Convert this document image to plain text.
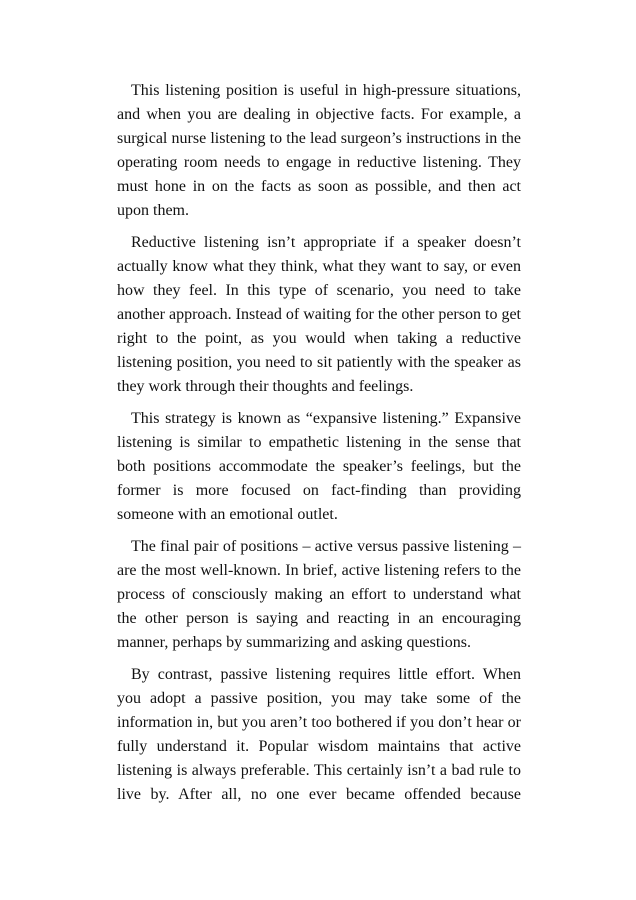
This listening position is useful in high-pressure situations,
and when you are dealing in objective facts. For example, a
surgical nurse listening to the lead surgeon’s instructions in the
operating room needs to engage in reductive listening. They
must hone in on the facts as soon as possible, and then act
upon them.
Reductive listening isn’t appropriate if a speaker doesn’t
actually know what they think, what they want to say, or even
how they feel. In this type of scenario, you need to take
another approach. Instead of waiting for the other person to get
right to the point, as you would when taking a reductive
listening position, you need to sit patiently with the speaker as
they work through their thoughts and feelings.
This strategy is known as “expansive listening.” Expansive
listening is similar to empathetic listening in the sense that
both positions accommodate the speaker’s feelings, but the
former is more focused on fact-finding than providing
someone with an emotional outlet.
The final pair of positions – active versus passive listening –
are the most well-known. In brief, active listening refers to the
process of consciously making an effort to understand what
the other person is saying and reacting in an encouraging
manner, perhaps by summarizing and asking questions.
By contrast, passive listening requires little effort. When
you adopt a passive position, you may take some of the
information in, but you aren’t too bothered if you don’t hear or
fully understand it. Popular wisdom maintains that active
listening is always preferable. This certainly isn’t a bad rule to
live by. After all, no one ever became offended because
